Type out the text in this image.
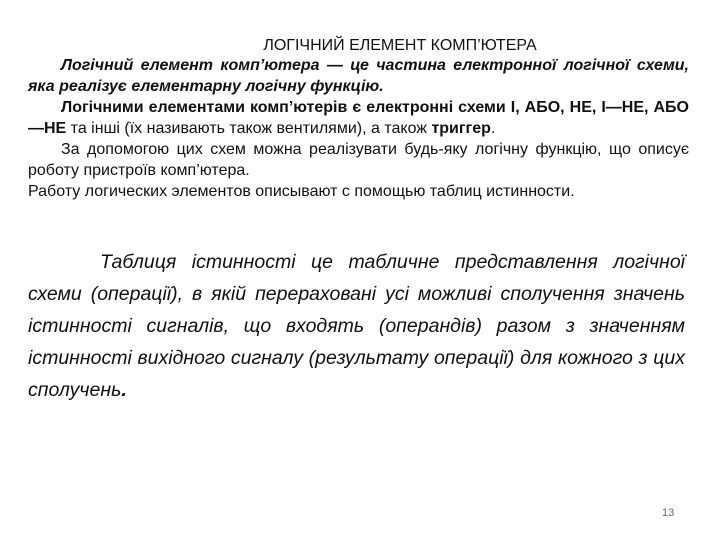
ЛОГІЧНИЙ ЕЛЕМЕНТ КОМП’ЮТЕРА

Логічний елемент комп’ютера — це частина електронної логічної схеми, яка реалізує елементарну логічну функцію.

Логічними елементами комп’ютерів є електронні схеми І, АБО, НЕ, І—НЕ, АБО—НЕ та інші (їх називають також вентилями), а також триггер.

За допомогою цих схем можна реалізувати будь-яку логічну функцію, що описує роботу пристроїв комп’ютера.

Работу логических элементов описывают с помощью таблиц истинности.

Таблиця істинності це табличне представлення логічної схеми (операції), в якій перераховані усі можливі сполучення значень істинності сигналів, що входять (операндів) разом з значенням істинності вихідного сигналу (результату операції) для кожного з цих сполучень.
13
